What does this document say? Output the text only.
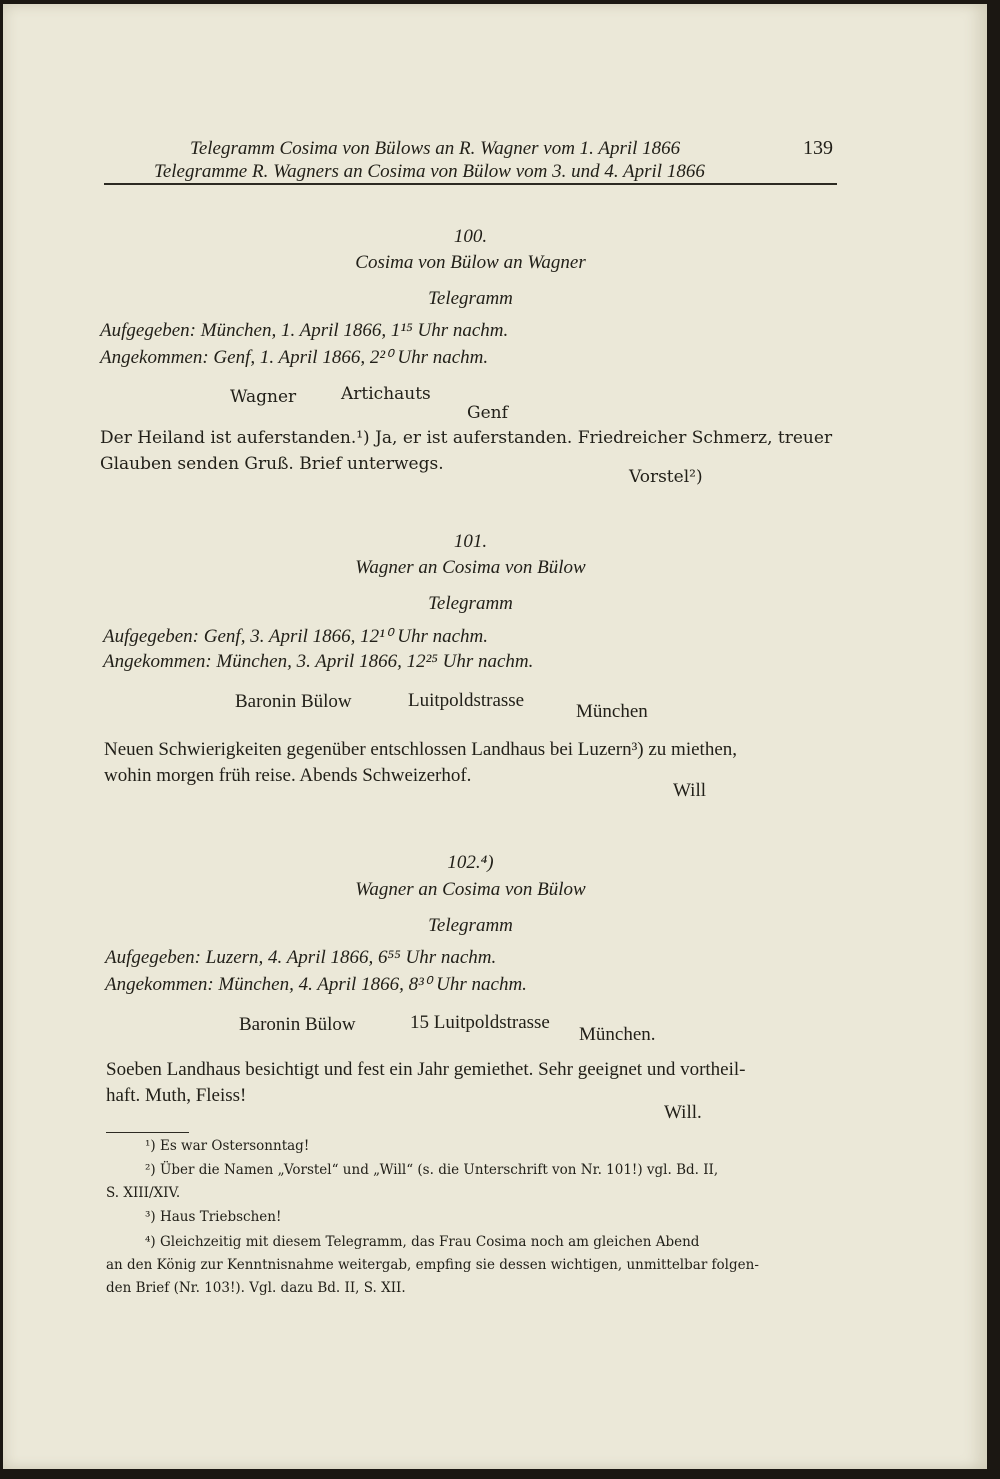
Telegramm Cosima von Bülows an R. Wagner vom 1. April 1866	139
Telegramme R. Wagners an Cosima von Bülow vom 3. und 4. April 1866
100.
Cosima von Bülow an Wagner
Telegramm
Aufgegeben: München, 1. April 1866, 1¹⁵ Uhr nachm.
Angekommen: Genf, 1. April 1866, 2²⁰ Uhr nachm.
Wagner	Artichauts
Genf
Der Heiland ist auferstanden.¹) Ja, er ist auferstanden. Friedreicher Schmerz, treuer
Glauben senden Gruß. Brief unterwegs.
Vorstel²)
101.
Wagner an Cosima von Bülow
Telegramm
Aufgegeben: Genf, 3. April 1866, 12¹⁰ Uhr nachm.
Angekommen: München, 3. April 1866, 12²⁵ Uhr nachm.
Baronin Bülow	Luitpoldstrasse
München
Neuen Schwierigkeiten gegenüber entschlossen Landhaus bei Luzern³) zu miethen,
wohin morgen früh reise. Abends Schweizerhof.
Will
102.⁴)
Wagner an Cosima von Bülow
Telegramm
Aufgegeben: Luzern, 4. April 1866, 6⁵⁵ Uhr nachm.
Angekommen: München, 4. April 1866, 8³⁰ Uhr nachm.
Baronin Bülow	15 Luitpoldstrasse
München.
Soeben Landhaus besichtigt und fest ein Jahr gemiethet. Sehr geeignet und vortheil-
haft. Muth, Fleiss!
Will.
¹) Es war Ostersonntag!
²) Über die Namen „Vorstel“ und „Will“ (s. die Unterschrift von Nr. 101!) vgl. Bd. II,
S. XIII/XIV.
³) Haus Triebschen!
⁴) Gleichzeitig mit diesem Telegramm, das Frau Cosima noch am gleichen Abend
an den König zur Kenntnisnahme weitergab, empfing sie dessen wichtigen, unmittelbar folgen-
den Brief (Nr. 103!). Vgl. dazu Bd. II, S. XII.
